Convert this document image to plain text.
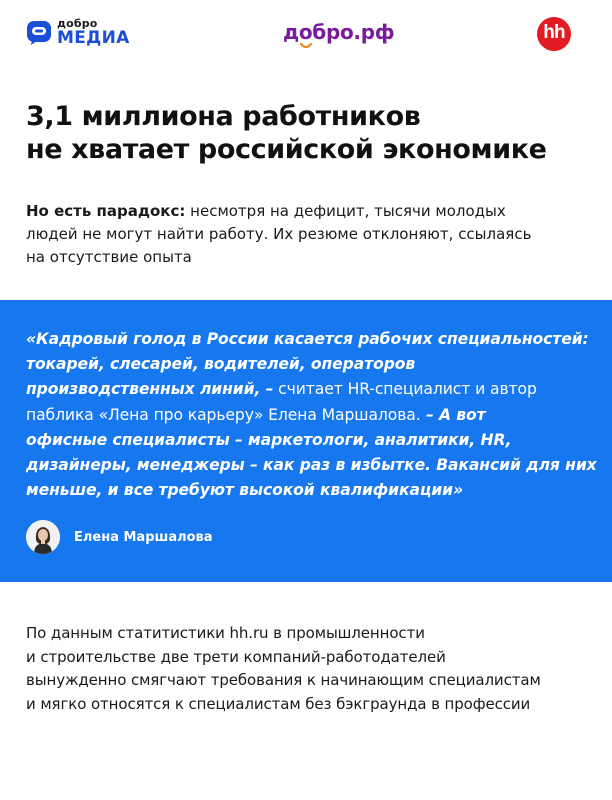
добро
МЕДИА	добро.рф	hh
3,1 миллиона работников
не хватает российской экономике

Но есть парадокс: несмотря на дефицит, тысячи молодых
людей не могут найти работу. Их резюме отклоняют, ссылаясь
на отсутствие опыта

«Кадровый голод в России касается рабочих специальностей:
токарей, слесарей, водителей, операторов
производственных линий, – считает HR-специалист и автор
паблика «Лена про карьеру» Елена Маршалова. – А вот
офисные специалисты – маркетологи, аналитики, HR,
дизайнеры, менеджеры – как раз в избытке. Вакансий для них
меньше, и все требуют высокой квалификации»

Елена Маршалова

По данным статитистики hh.ru в промышленности
и строительстве две трети компаний-работодателей
вынужденно смягчают требования к начинающим специалистам
и мягко относятся к специалистам без бэкграунда в профессии
